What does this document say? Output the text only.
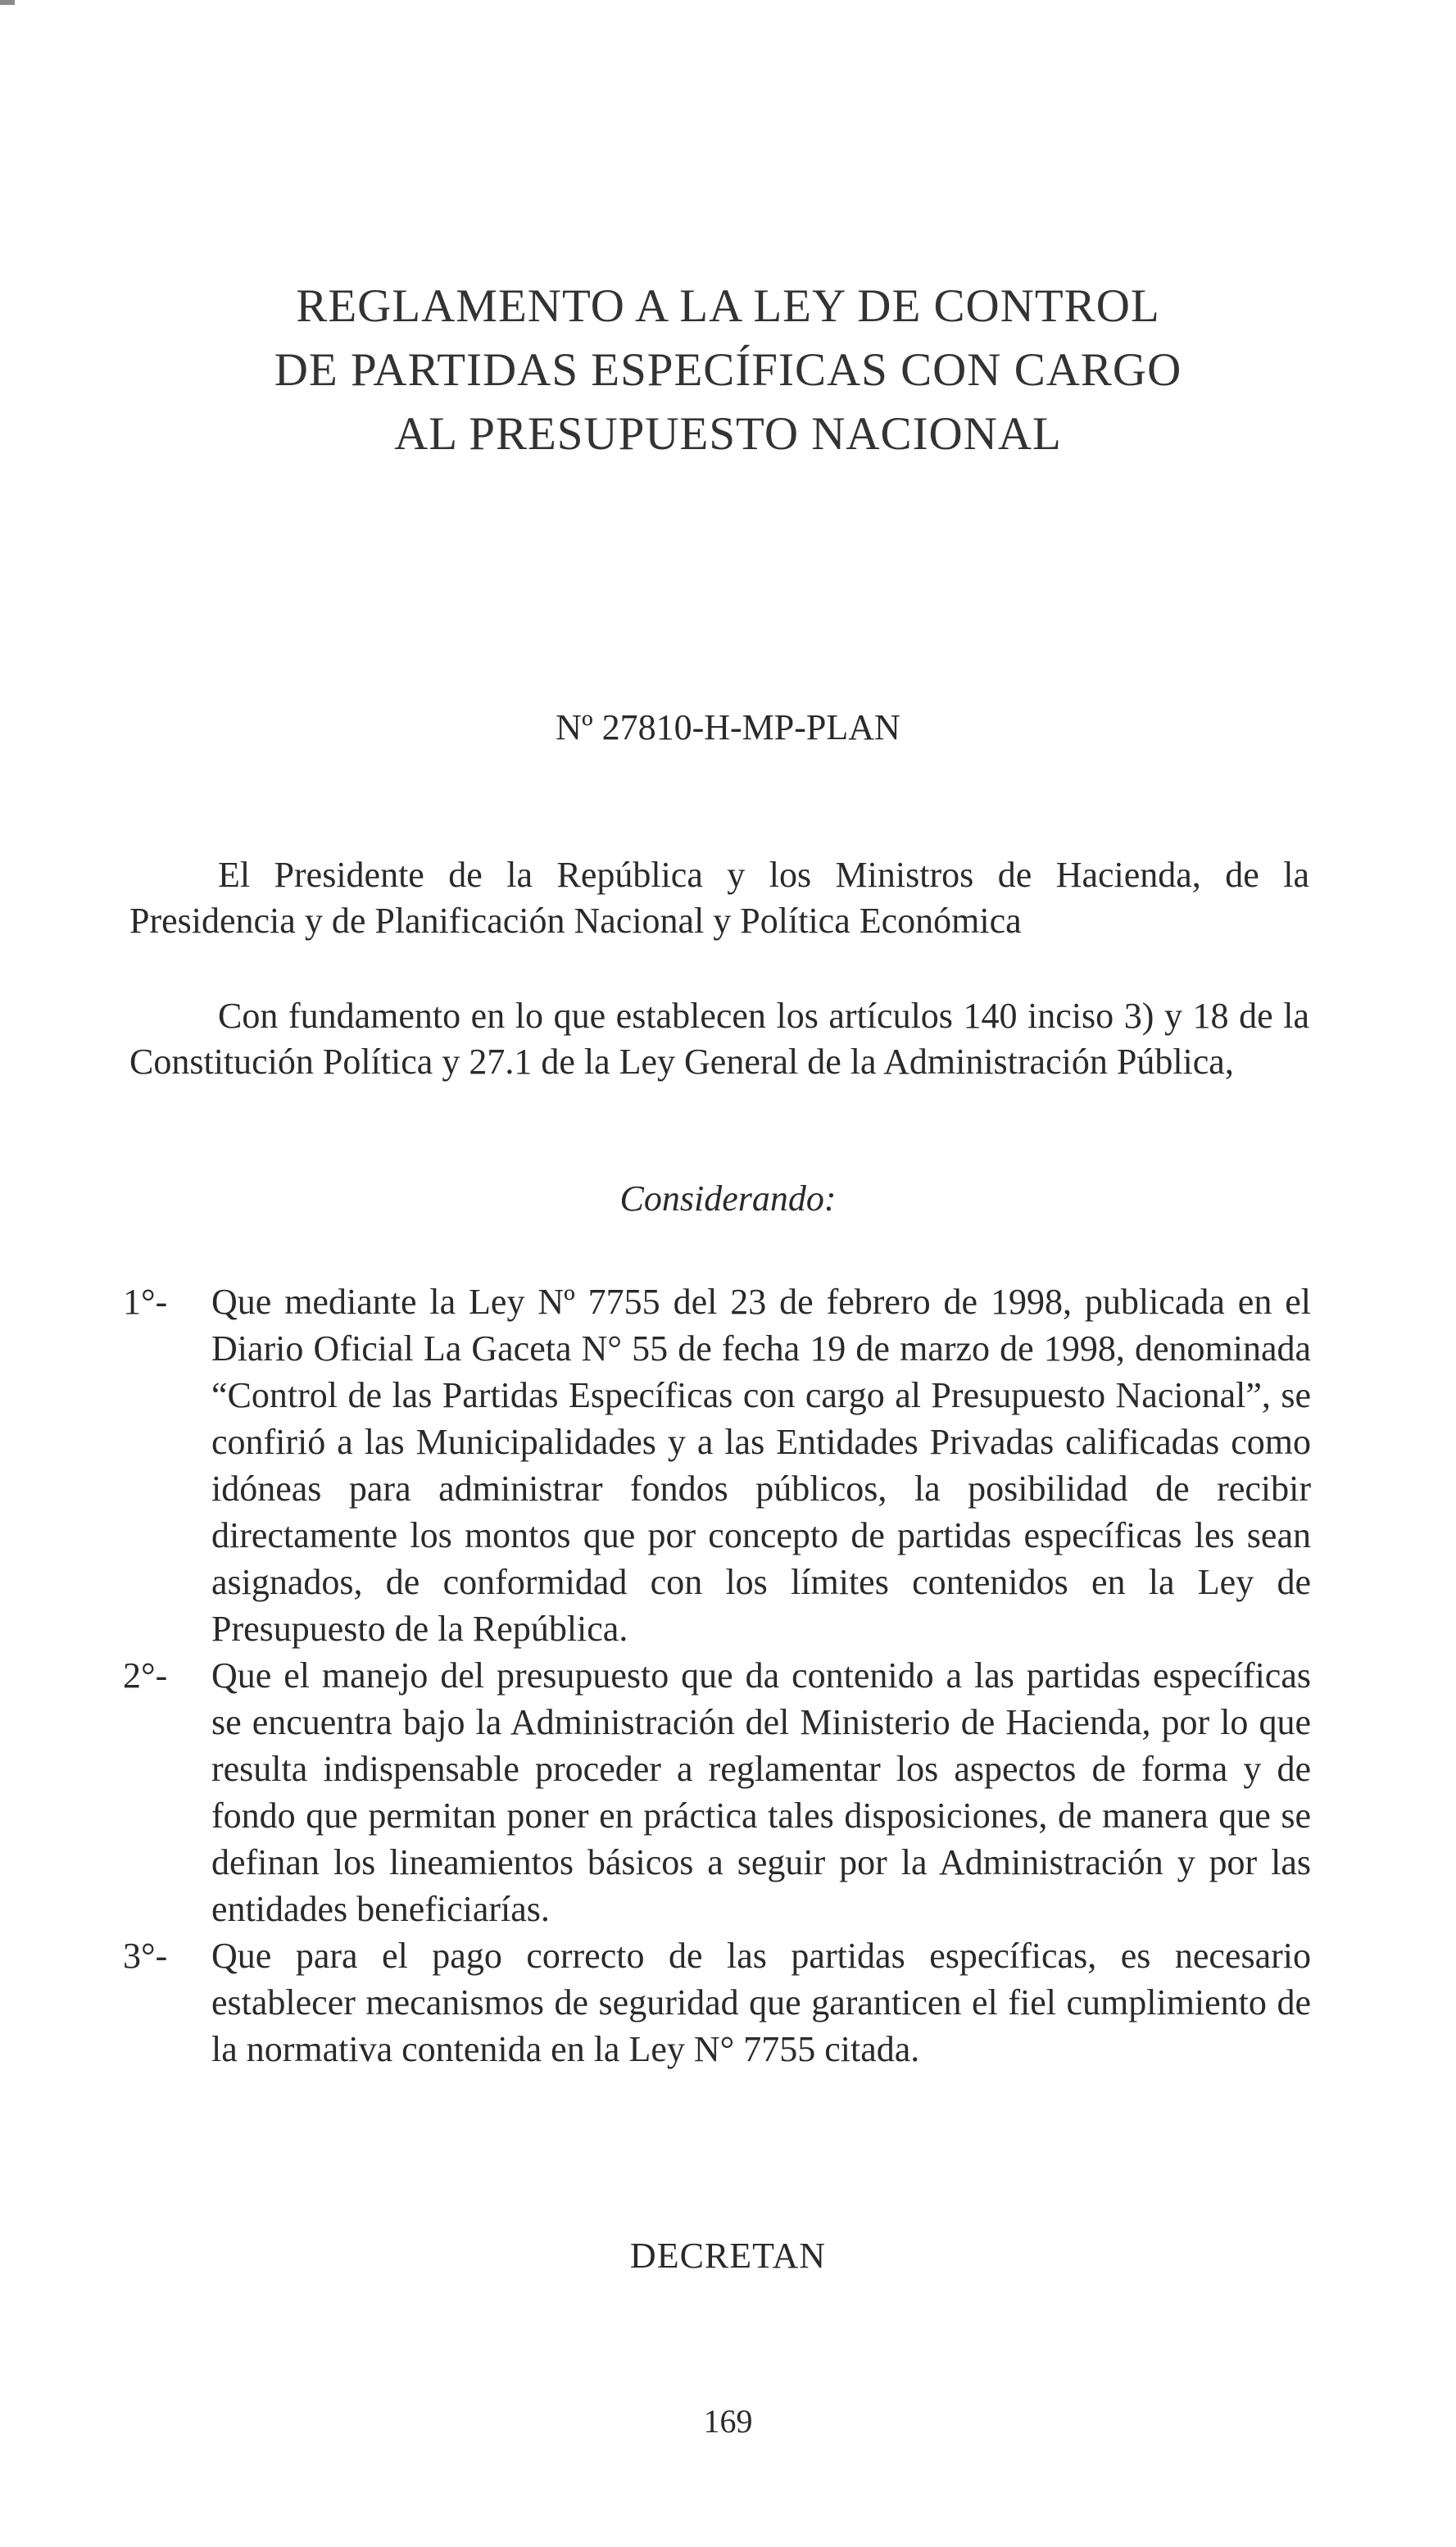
REGLAMENTO A LA LEY DE CONTROL
DE PARTIDAS ESPECÍFICAS CON CARGO
AL PRESUPUESTO NACIONAL
Nº 27810-H-MP-PLAN
El Presidente de la República y los Ministros de Hacienda, de la Presidencia y de Planificación Nacional y Política Económica
Con fundamento en lo que establecen los artículos 140 inciso 3) y 18 de la Constitución Política y 27.1 de la Ley General de la Administración Pública,
Considerando:
1°-	Que mediante la Ley Nº 7755 del 23 de febrero de 1998, publicada en el Diario Oficial La Gaceta N° 55 de fecha 19 de marzo de 1998, denominada “Control de las Partidas Específicas con cargo al Presupuesto Nacional”, se confirió a las Municipalidades y a las Entidades Privadas calificadas como idóneas para administrar fondos públicos, la posibilidad de recibir directamente los montos que por concepto de partidas específicas les sean asignados, de conformidad con los límites contenidos en la Ley de Presupuesto de la República.
2°-	Que el manejo del presupuesto que da contenido a las partidas específicas se encuentra bajo la Administración del Ministerio de Hacienda, por lo que resulta indispensable proceder a reglamentar los aspectos de forma y de fondo que permitan poner en práctica tales disposiciones, de manera que se definan los lineamientos básicos a seguir por la Administración y por las entidades beneficiarías.
3°-	Que para el pago correcto de las partidas específicas, es necesario establecer mecanismos de seguridad que garanticen el fiel cumplimiento de la normativa contenida en la Ley N° 7755 citada.
DECRETAN
169
